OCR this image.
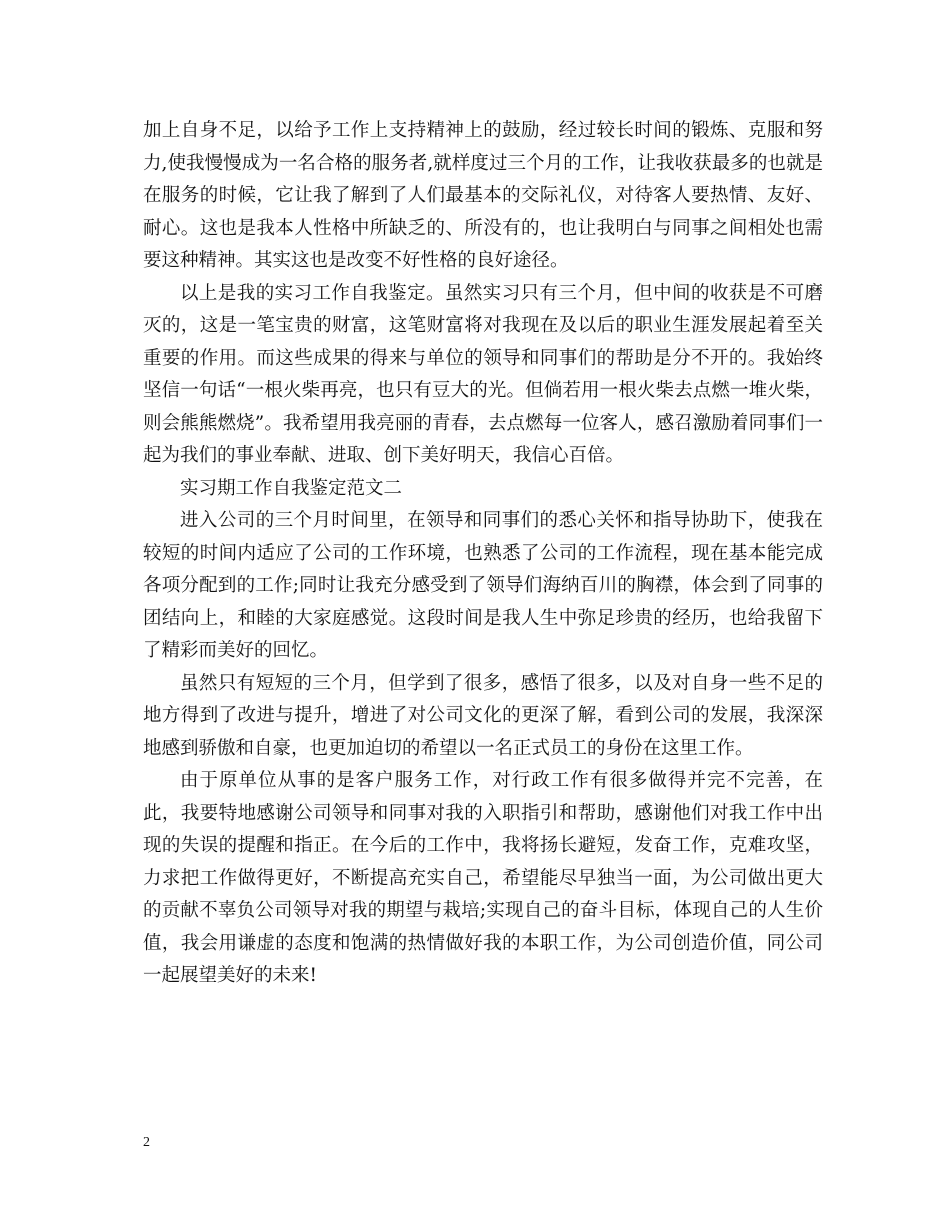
加上自身不足，以给予工作上支持精神上的鼓励，经过较长时间的锻炼、克服和努力,使我慢慢成为一名合格的服务者,就样度过三个月的工作，让我收获最多的也就是在服务的时候，它让我了解到了人们最基本的交际礼仪，对待客人要热情、友好、耐心。这也是我本人性格中所缺乏的、所没有的，也让我明白与同事之间相处也需要这种精神。其实这也是改变不好性格的良好途径。

以上是我的实习工作自我鉴定。虽然实习只有三个月，但中间的收获是不可磨灭的，这是一笔宝贵的财富，这笔财富将对我现在及以后的职业生涯发展起着至关重要的作用。而这些成果的得来与单位的领导和同事们的帮助是分不开的。我始终坚信一句话“一根火柴再亮，也只有豆大的光。但倘若用一根火柴去点燃一堆火柴，则会熊熊燃烧”。我希望用我亮丽的青春，去点燃每一位客人，感召激励着同事们一起为我们的事业奉献、进取、创下美好明天，我信心百倍。

实习期工作自我鉴定范文二

进入公司的三个月时间里，在领导和同事们的悉心关怀和指导协助下，使我在较短的时间内适应了公司的工作环境，也熟悉了公司的工作流程，现在基本能完成各项分配到的工作;同时让我充分感受到了领导们海纳百川的胸襟，体会到了同事的团结向上，和睦的大家庭感觉。这段时间是我人生中弥足珍贵的经历，也给我留下了精彩而美好的回忆。

虽然只有短短的三个月，但学到了很多，感悟了很多，以及对自身一些不足的地方得到了改进与提升，增进了对公司文化的更深了解，看到公司的发展，我深深地感到骄傲和自豪，也更加迫切的希望以一名正式员工的身份在这里工作。

由于原单位从事的是客户服务工作，对行政工作有很多做得并完不完善，在此，我要特地感谢公司领导和同事对我的入职指引和帮助，感谢他们对我工作中出现的失误的提醒和指正。在今后的工作中，我将扬长避短，发奋工作，克难攻坚，力求把工作做得更好，不断提高充实自己，希望能尽早独当一面，为公司做出更大的贡献不辜负公司领导对我的期望与栽培;实现自己的奋斗目标，体现自己的人生价值，我会用谦虚的态度和饱满的热情做好我的本职工作，为公司创造价值，同公司一起展望美好的未来!

2
